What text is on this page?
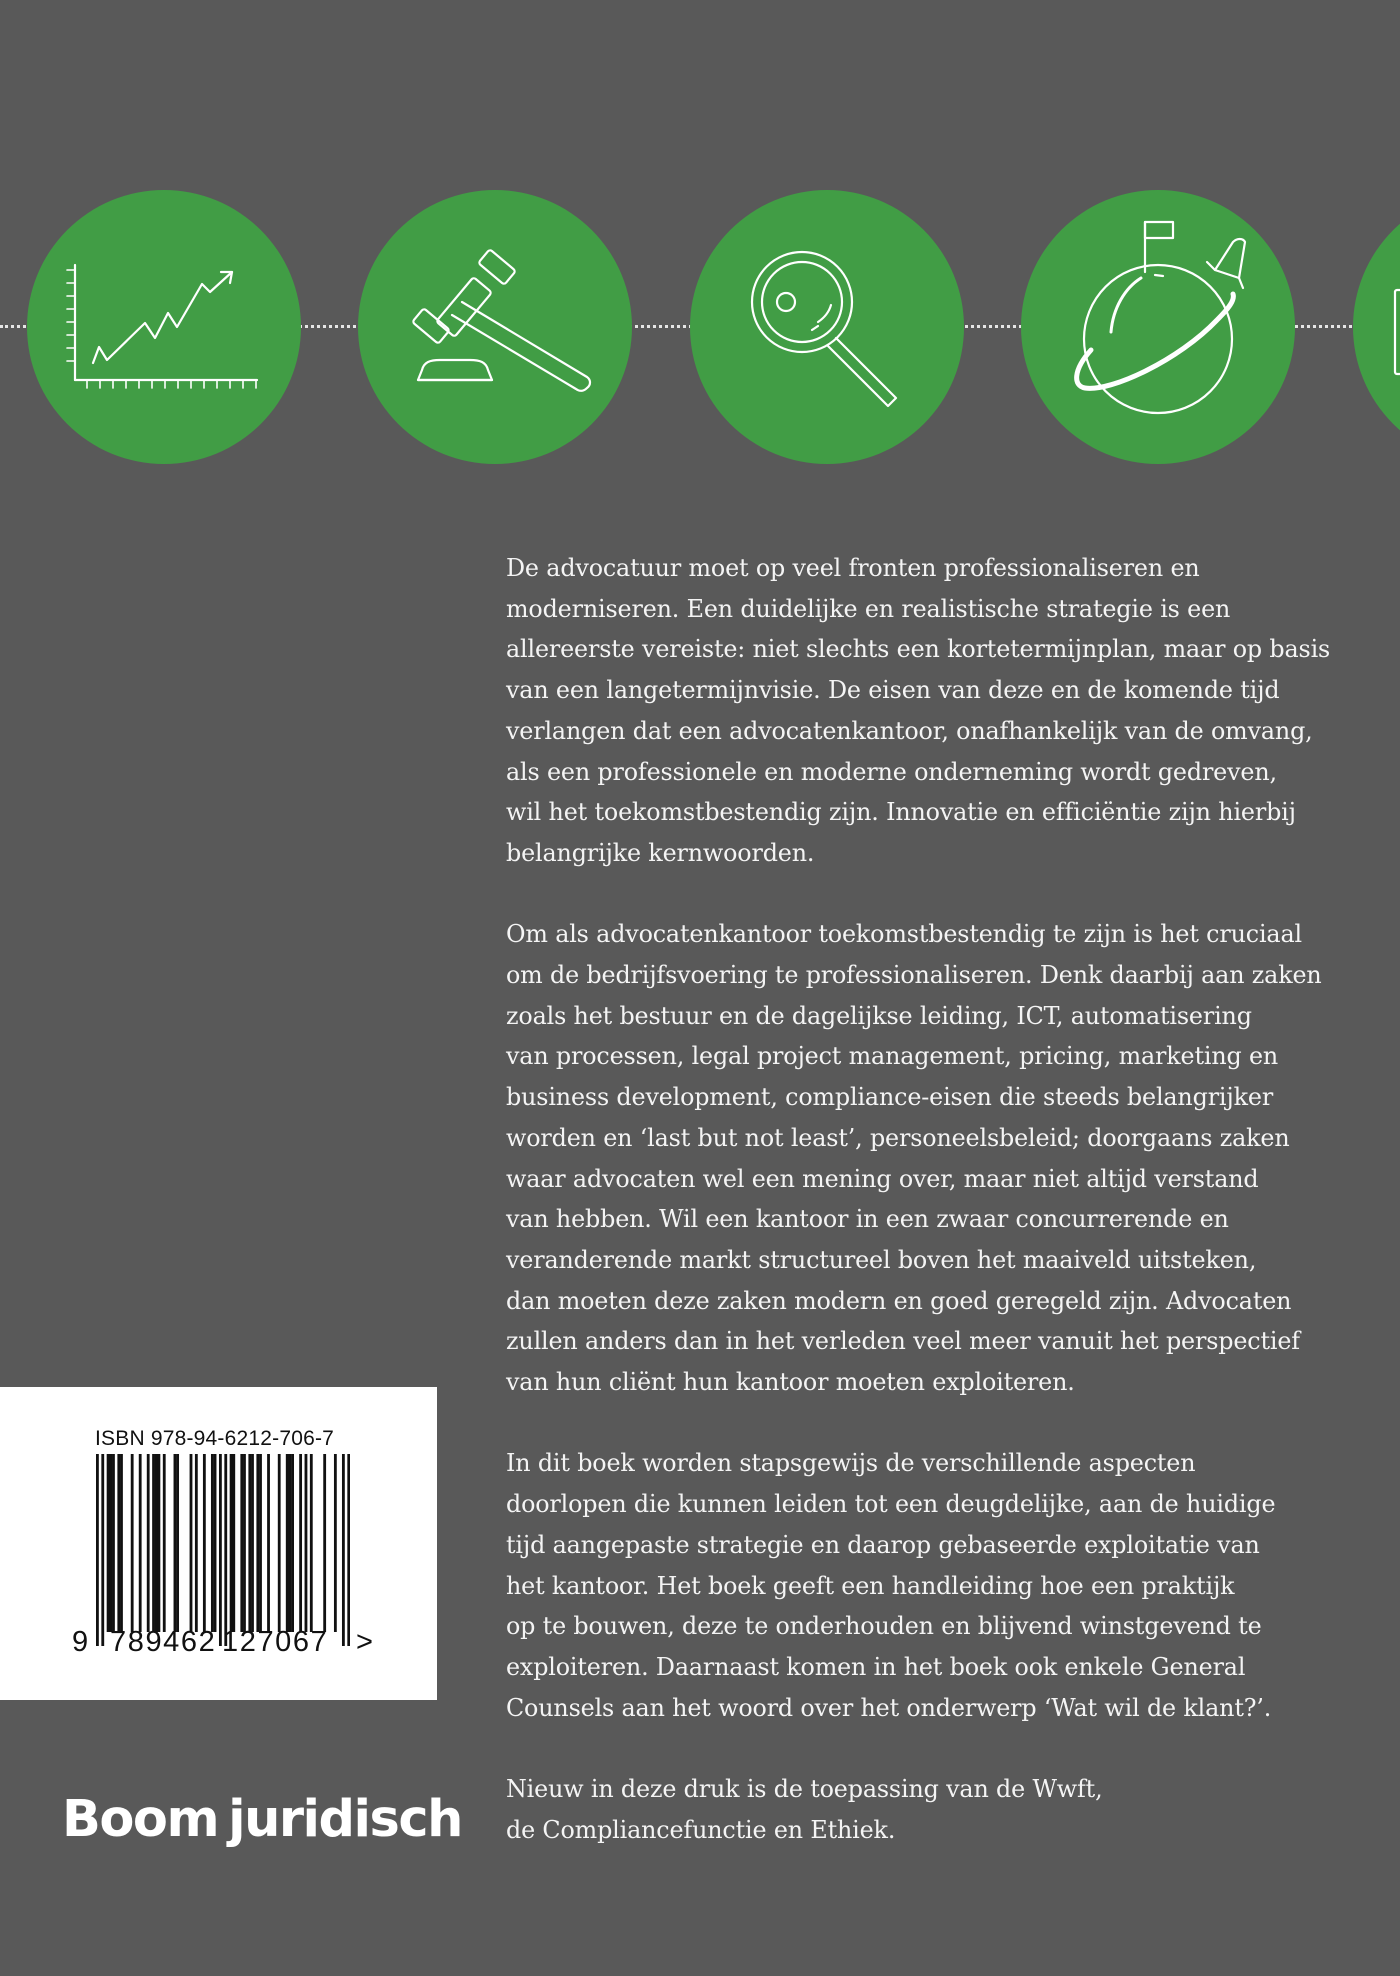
De advocatuur moet op veel fronten professionaliseren en
moderniseren. Een duidelijke en realistische strategie is een
allereerste vereiste: niet slechts een kortetermijnplan, maar op basis
van een langetermijnvisie. De eisen van deze en de komende tijd
verlangen dat een advocatenkantoor, onafhankelijk van de omvang,
als een professionele en moderne onderneming wordt gedreven,
wil het toekomstbestendig zijn. Innovatie en efficiëntie zijn hierbij
belangrijke kernwoorden.

Om als advocatenkantoor toekomstbestendig te zijn is het cruciaal
om de bedrijfsvoering te professionaliseren. Denk daarbij aan zaken
zoals het bestuur en de dagelijkse leiding, ICT, automatisering
van processen, legal project management, pricing, marketing en
business development, compliance-eisen die steeds belangrijker
worden en ‘last but not least’, personeelsbeleid; doorgaans zaken
waar advocaten wel een mening over, maar niet altijd verstand
van hebben. Wil een kantoor in een zwaar concurrerende en
veranderende markt structureel boven het maaiveld uitsteken,
dan moeten deze zaken modern en goed geregeld zijn. Advocaten
zullen anders dan in het verleden veel meer vanuit het perspectief
van hun cliënt hun kantoor moeten exploiteren.

In dit boek worden stapsgewijs de verschillende aspecten
doorlopen die kunnen leiden tot een deugdelijke, aan de huidige
tijd aangepaste strategie en daarop gebaseerde exploitatie van
het kantoor. Het boek geeft een handleiding hoe een praktijk
op te bouwen, deze te onderhouden en blijvend winstgevend te
exploiteren. Daarnaast komen in het boek ook enkele General
Counsels aan het woord over het onderwerp ‘Wat wil de klant?’.

Nieuw in deze druk is de toepassing van de Wwft,
de Compliancefunctie en Ethiek.

ISBN 978-94-6212-706-7
9 789462 127067 >
Boom juridisch
